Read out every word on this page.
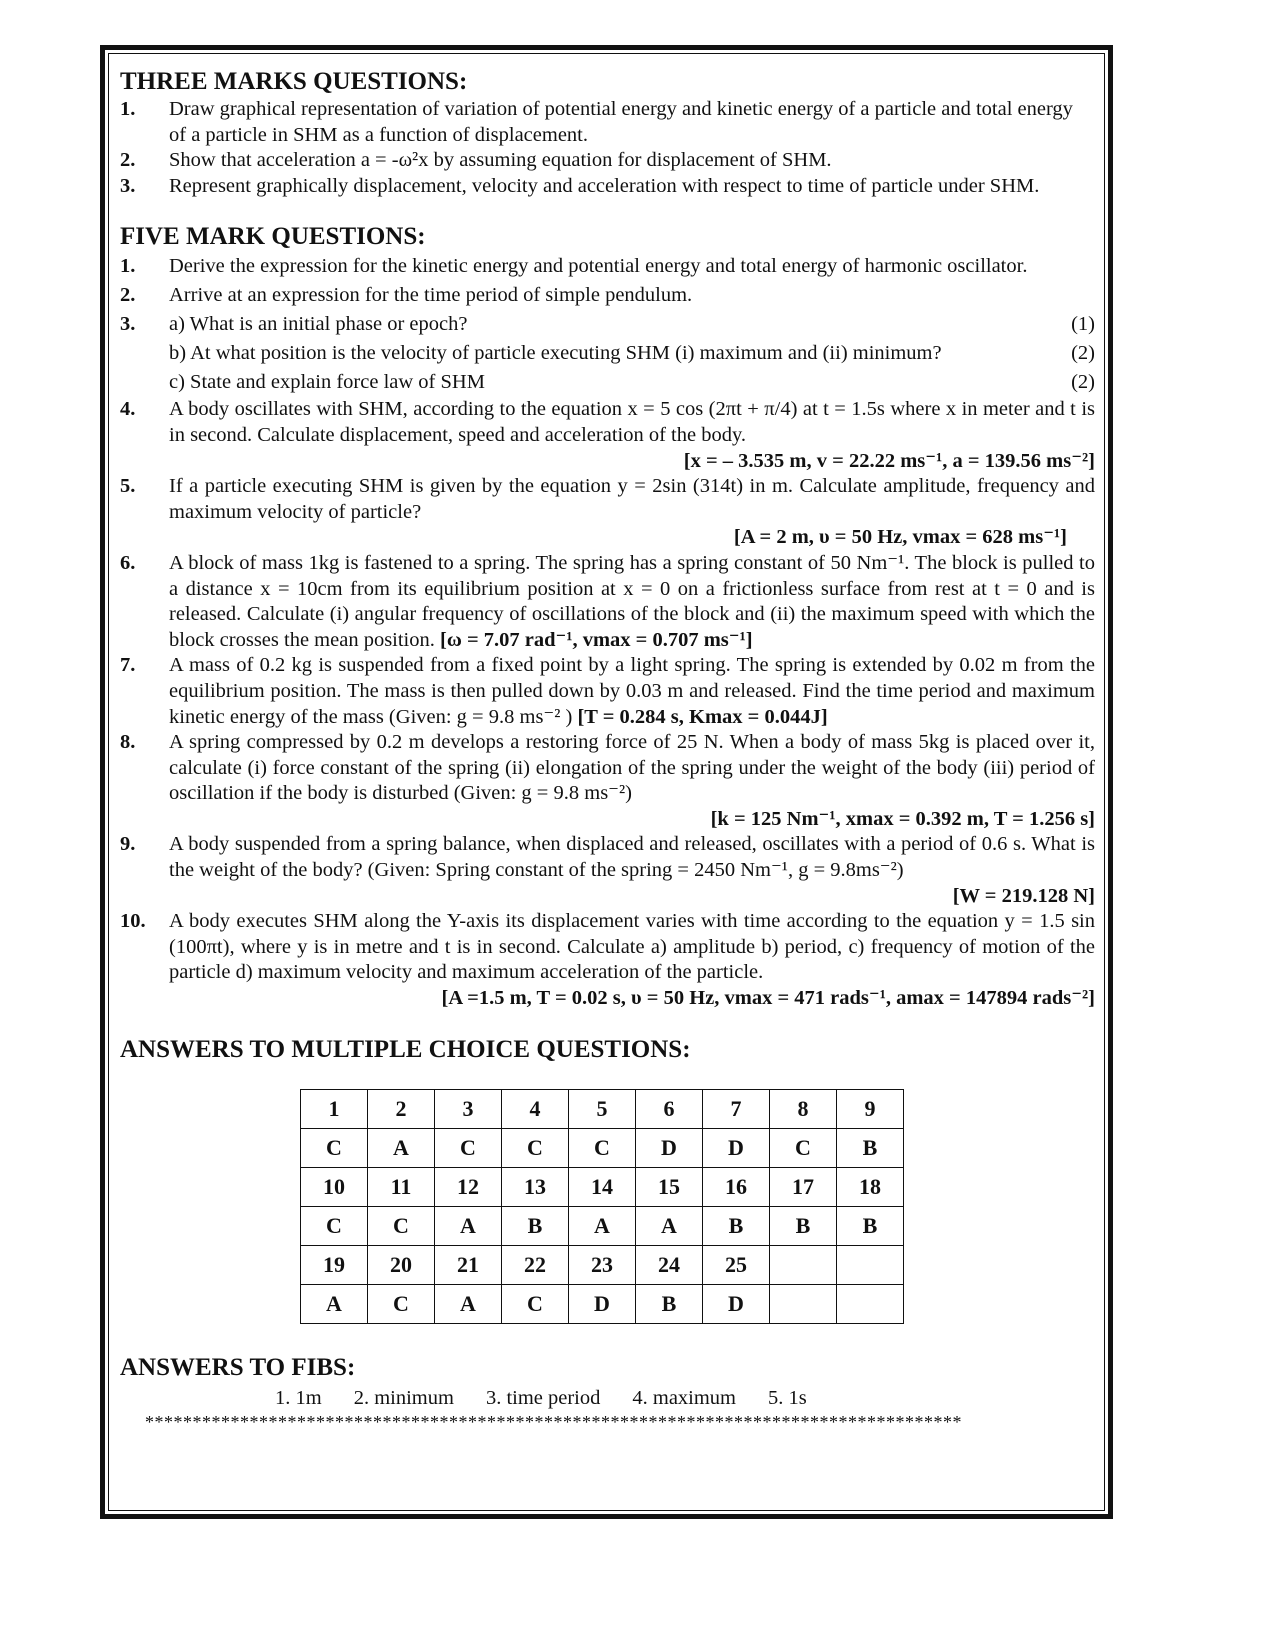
THREE MARKS QUESTIONS:
1.	Draw graphical representation of variation of potential energy and kinetic energy of a particle and total energy of a particle in SHM as a function of displacement.
2.	Show that acceleration a = -ω²x by assuming equation for displacement of SHM.
3.	Represent graphically displacement, velocity and acceleration with respect to time of particle under SHM.
FIVE MARK QUESTIONS:
1.	Derive the expression for the kinetic energy and potential energy and total energy of harmonic oscillator.
2.	Arrive at an expression for the time period of simple pendulum.
3.	a) What is an initial phase or epoch?	(1)
b) At what position is the velocity of particle executing SHM (i) maximum and (ii) minimum?	(2)
c) State and explain force law of SHM	(2)
4.	A body oscillates with SHM, according to the equation x = 5 cos (2πt + π/4) at t = 1.5s where x in meter and t is in second. Calculate displacement, speed and acceleration of the body.
[x = – 3.535 m, v = 22.22 ms⁻¹, a = 139.56 ms⁻²]
5.	If a particle executing SHM is given by the equation y = 2sin (314t) in m. Calculate amplitude, frequency and maximum velocity of particle?
[A = 2 m, υ = 50 Hz, vmax = 628 ms⁻¹]
6.	A block of mass 1kg is fastened to a spring. The spring has a spring constant of 50 Nm⁻¹. The block is pulled to a distance x = 10cm from its equilibrium position at x = 0 on a frictionless surface from rest at t = 0 and is released. Calculate (i) angular frequency of oscillations of the block and (ii) the maximum speed with which the block crosses the mean position. [ω = 7.07 rad⁻¹, vmax = 0.707 ms⁻¹]
7.	A mass of 0.2 kg is suspended from a fixed point by a light spring. The spring is extended by 0.02 m from the equilibrium position. The mass is then pulled down by 0.03 m and released. Find the time period and maximum kinetic energy of the mass (Given: g = 9.8 ms⁻² ) [T = 0.284 s, Kmax = 0.044J]
8.	A spring compressed by 0.2 m develops a restoring force of 25 N. When a body of mass 5kg is placed over it, calculate (i) force constant of the spring (ii) elongation of the spring under the weight of the body (iii) period of oscillation if the body is disturbed (Given: g = 9.8 ms⁻²)
[k = 125 Nm⁻¹, xmax = 0.392 m, T = 1.256 s]
9.	A body suspended from a spring balance, when displaced and released, oscillates with a period of 0.6 s. What is the weight of the body? (Given: Spring constant of the spring = 2450 Nm⁻¹, g = 9.8ms⁻²)
[W = 219.128 N]
10.	A body executes SHM along the Y-axis its displacement varies with time according to the equation y = 1.5 sin (100πt), where y is in metre and t is in second. Calculate a) amplitude b) period, c) frequency of motion of the particle d) maximum velocity and maximum acceleration of the particle.
[A =1.5 m, T = 0.02 s, υ = 50 Hz, vmax = 471 rads⁻¹, amax = 147894 rads⁻²]
ANSWERS TO MULTIPLE CHOICE QUESTIONS:
1	2	3	4	5	6	7	8	9
C	A	C	C	C	D	D	C	B
10	11	12	13	14	15	16	17	18
C	C	A	B	A	A	B	B	B
19	20	21	22	23	24	25		
A	C	A	C	D	B	D		
ANSWERS TO FIBS:
1. 1m 2. minimum 3. time period 4. maximum 5. 1s
**************************************************************************************
